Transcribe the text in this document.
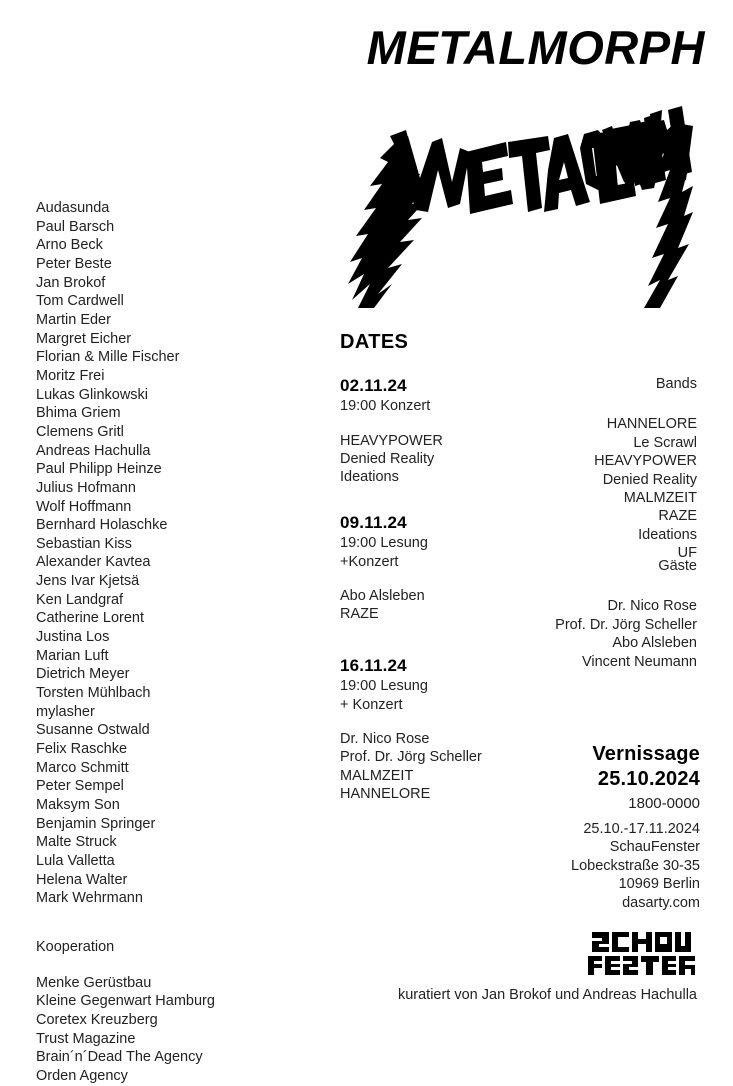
METALMORPH
Audasunda
Paul Barsch
Arno Beck
Peter Beste
Jan Brokof
Tom Cardwell
Martin Eder
Margret Eicher
Florian & Mille Fischer
Moritz Frei
Lukas Glinkowski
Bhima Griem
Clemens Gritl
Andreas Hachulla
Paul Philipp Heinze
Julius Hofmann
Wolf Hoffmann
Bernhard Holaschke
Sebastian Kiss
Alexander Kavtea
Jens Ivar Kjetsä
Ken Landgraf
Catherine Lorent
Justina Los
Marian Luft
Dietrich Meyer
Torsten Mühlbach
mylasher
Susanne Ostwald
Felix Raschke
Marco Schmitt
Peter Sempel
Maksym Son
Benjamin Springer
Malte Struck
Lula Valletta
Helena Walter
Mark Wehrmann
Kooperation
Menke Gerüstbau
Kleine Gegenwart Hamburg
Coretex Kreuzberg
Trust Magazine
Brain´n´Dead The Agency
Orden Agency
DATES
02.11.24
19:00 Konzert
HEAVYPOWER
Denied Reality
Ideations
09.11.24
19:00 Lesung
+Konzert
Abo Alsleben
RAZE
16.11.24
19:00 Lesung
+ Konzert
Dr. Nico Rose
Prof. Dr. Jörg Scheller
MALMZEIT
HANNELORE
Bands
HANNELORE
Le Scrawl
HEAVYPOWER
Denied Reality
MALMZEIT
RAZE
Ideations
UF
Gäste
Dr. Nico Rose
Prof. Dr. Jörg Scheller
Abo Alsleben
Vincent Neumann
Vernissage
25.10.2024
1800-0000
25.10.-17.11.2024
SchauFenster
Lobeckstraße 30-35
10969 Berlin
dasarty.com
kuratiert von Jan Brokof und Andreas Hachulla
